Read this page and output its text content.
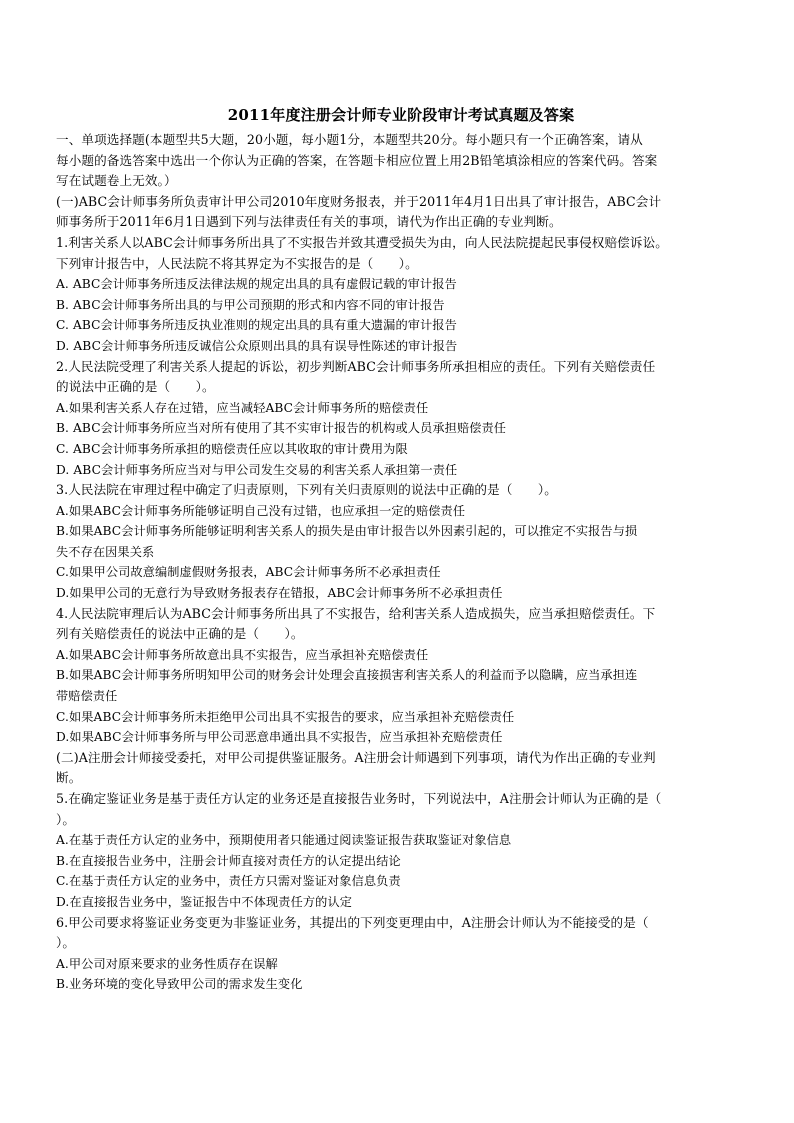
2011年度注册会计师专业阶段审计考试真题及答案
一、单项选择题(本题型共5大题，20小题，每小题1分，本题型共20分。每小题只有一个正确答案，请从
每小题的备选答案中选出一个你认为正确的答案，在答题卡相应位置上用2B铅笔填涂相应的答案代码。答案
写在试题卷上无效。）
(一)ABC会计师事务所负责审计甲公司2010年度财务报表，并于2011年4月1日出具了审计报告，ABC会计
师事务所于2011年6月1日遇到下列与法律责任有关的事项，请代为作出正确的专业判断。
1.利害关系人以ABC会计师事务所出具了不实报告并致其遭受损失为由，向人民法院提起民事侵权赔偿诉讼。
下列审计报告中，人民法院不将其界定为不实报告的是（　　）。
A. ABC会计师事务所违反法律法规的规定出具的具有虚假记载的审计报告
B. ABC会计师事务所出具的与甲公司预期的形式和内容不同的审计报告
C. ABC会计师事务所违反执业准则的规定出具的具有重大遗漏的审计报告
D. ABC会计师事务所违反诚信公众原则出具的具有误导性陈述的审计报告
2.人民法院受理了利害关系人提起的诉讼，初步判断ABC会计师事务所承担相应的责任。下列有关赔偿责任
的说法中正确的是（　　）。
A.如果利害关系人存在过错，应当减轻ABC会计师事务所的赔偿责任
B. ABC会计师事务所应当对所有使用了其不实审计报告的机构或人员承担赔偿责任
C. ABC会计师事务所承担的赔偿责任应以其收取的审计费用为限
D. ABC会计师事务所应当对与甲公司发生交易的利害关系人承担第一责任
3.人民法院在审理过程中确定了归责原则，下列有关归责原则的说法中正确的是（　　）。
A.如果ABC会计师事务所能够证明自己没有过错，也应承担一定的赔偿责任
B.如果ABC会计师事务所能够证明利害关系人的损失是由审计报告以外因素引起的，可以推定不实报告与损
失不存在因果关系
C.如果甲公司故意编制虚假财务报表，ABC会计师事务所不必承担责任
D.如果甲公司的无意行为导致财务报表存在错报，ABC会计师事务所不必承担责任
4.人民法院审理后认为ABC会计师事务所出具了不实报告，给利害关系人造成损失，应当承担赔偿责任。下
列有关赔偿责任的说法中正确的是（　　）。
A.如果ABC会计师事务所故意出具不实报告，应当承担补充赔偿责任
B.如果ABC会计师事务所明知甲公司的财务会计处理会直接损害利害关系人的利益而予以隐瞒，应当承担连
带赔偿责任
C.如果ABC会计师事务所未拒绝甲公司出具不实报告的要求，应当承担补充赔偿责任
D.如果ABC会计师事务所与甲公司恶意串通出具不实报告，应当承担补充赔偿责任
(二)A注册会计师接受委托，对甲公司提供鉴证服务。A注册会计师遇到下列事项，请代为作出正确的专业判
断。
5.在确定鉴证业务是基于责任方认定的业务还是直接报告业务时，下列说法中，A注册会计师认为正确的是（
）。
A.在基于责任方认定的业务中，预期使用者只能通过阅读鉴证报告获取鉴证对象信息
B.在直接报告业务中，注册会计师直接对责任方的认定提出结论
C.在基于责任方认定的业务中，责任方只需对鉴证对象信息负责
D.在直接报告业务中，鉴证报告中不体现责任方的认定
6.甲公司要求将鉴证业务变更为非鉴证业务，其提出的下列变更理由中，A注册会计师认为不能接受的是（
）。
A.甲公司对原来要求的业务性质存在误解
B.业务环境的变化导致甲公司的需求发生变化
